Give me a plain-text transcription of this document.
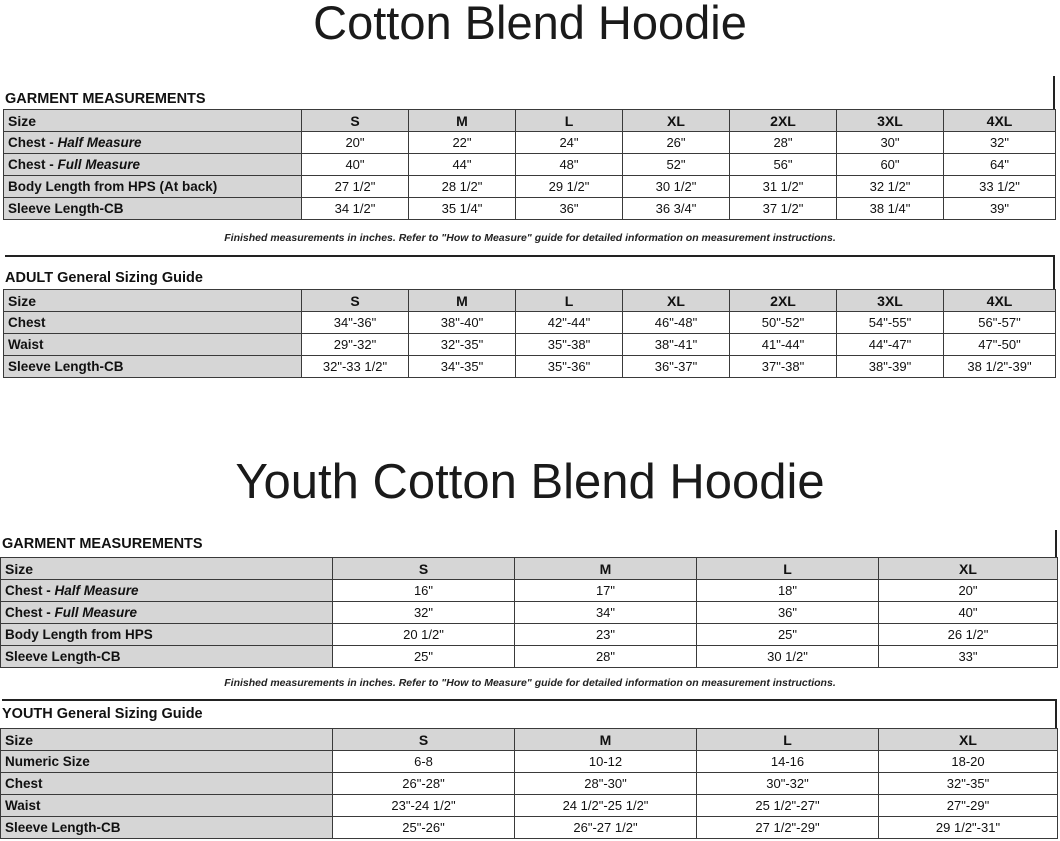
Cotton Blend Hoodie
GARMENT MEASUREMENTS
Size	S	M	L	XL	2XL	3XL	4XL
Chest - Half Measure	20"	22"	24"	26"	28"	30"	32"
Chest - Full Measure	40"	44"	48"	52"	56"	60"	64"
Body Length from HPS (At back)	27 1/2"	28 1/2"	29 1/2"	30 1/2"	31 1/2"	32 1/2"	33 1/2"
Sleeve Length-CB	34 1/2"	35 1/4"	36"	36 3/4"	37 1/2"	38 1/4"	39"
Finished measurements in inches. Refer to "How to Measure" guide for detailed information on measurement instructions.
ADULT General Sizing Guide
Size	S	M	L	XL	2XL	3XL	4XL
Chest	34"-36"	38"-40"	42"-44"	46"-48"	50"-52"	54"-55"	56"-57"
Waist	29"-32"	32"-35"	35"-38"	38"-41"	41"-44"	44"-47"	47"-50"
Sleeve Length-CB	32"-33 1/2"	34"-35"	35"-36"	36"-37"	37"-38"	38"-39"	38 1/2"-39"
Youth Cotton Blend Hoodie
GARMENT MEASUREMENTS
Size	S	M	L	XL
Chest - Half Measure	16"	17"	18"	20"
Chest - Full Measure	32"	34"	36"	40"
Body Length from HPS	20 1/2"	23"	25"	26 1/2"
Sleeve Length-CB	25"	28"	30 1/2"	33"
Finished measurements in inches. Refer to "How to Measure" guide for detailed information on measurement instructions.
YOUTH General Sizing Guide
Size	S	M	L	XL
Numeric Size	6-8	10-12	14-16	18-20
Chest	26"-28"	28"-30"	30"-32"	32"-35"
Waist	23"-24 1/2"	24 1/2"-25 1/2"	25 1/2"-27"	27"-29"
Sleeve Length-CB	25"-26"	26"-27 1/2"	27 1/2"-29"	29 1/2"-31"
